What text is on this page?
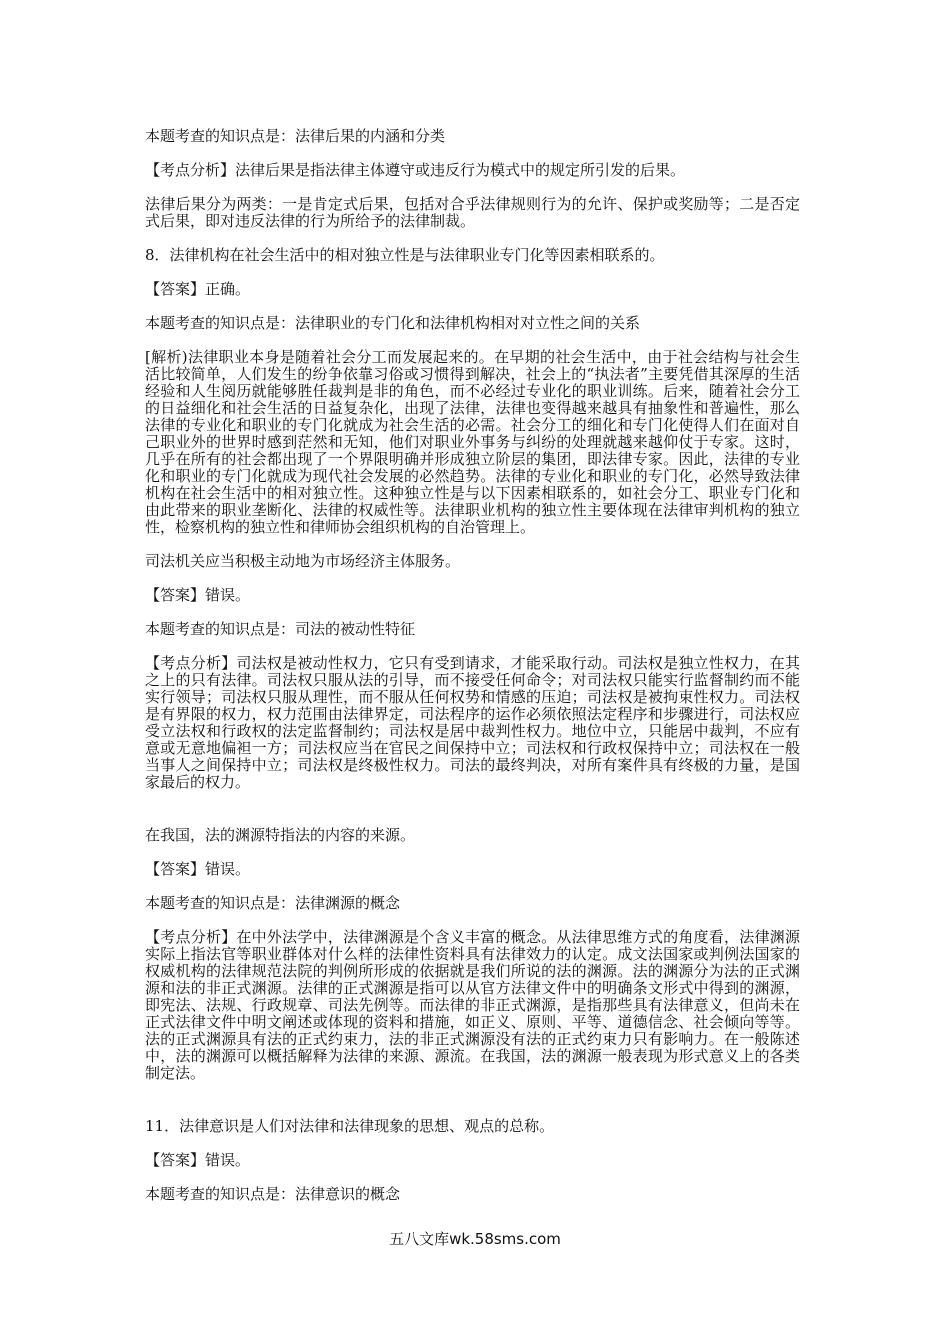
本题考查的知识点是：法律后果的内涵和分类

【考点分析】法律后果是指法律主体遵守或违反行为模式中的规定所引发的后果。

法律后果分为两类：一是肯定式后果，包括对合乎法律规则行为的允许、保护或奖励等；二是否定式后果，即对违反法律的行为所给予的法律制裁。

8．法律机构在社会生活中的相对独立性是与法律职业专门化等因素相联系的。

【答案】正确。

本题考查的知识点是：法律职业的专门化和法律机构相对对立性之间的关系

[解析)法律职业本身是随着社会分工而发展起来的。在早期的社会生活中，由于社会结构与社会生活比较简单，人们发生的纷争依靠习俗或习惯得到解决，社会上的“执法者”主要凭借其深厚的生活经验和人生阅历就能够胜任裁判是非的角色，而不必经过专业化的职业训练。后来，随着社会分工的日益细化和社会生活的日益复杂化，出现了法律，法律也变得越来越具有抽象性和普遍性，那么法律的专业化和职业的专门化就成为社会生活的必需。社会分工的细化和专门化使得人们在面对自己职业外的世界时感到茫然和无知，他们对职业外事务与纠纷的处理就越来越仰仗于专家。这时，几乎在所有的社会都出现了一个界限明确并形成独立阶层的集团，即法律专家。因此，法律的专业化和职业的专门化就成为现代社会发展的必然趋势。法律的专业化和职业的专门化，必然导致法律机构在社会生活中的相对独立性。这种独立性是与以下因素相联系的，如社会分工、职业专门化和由此带来的职业垄断化、法律的权威性等。法律职业机构的独立性主要体现在法律审判机构的独立性，检察机构的独立性和律师协会组织机构的自治管理上。

司法机关应当积极主动地为市场经济主体服务。

【答案】错误。

本题考查的知识点是：司法的被动性特征

【考点分析】司法权是被动性权力，它只有受到请求，才能采取行动。司法权是独立性权力，在其之上的只有法律。司法权只服从法的引导，而不接受任何命令；对司法权只能实行监督制约而不能实行领导；司法权只服从理性，而不服从任何权势和情感的压迫；司法权是被拘束性权力。司法权是有界限的权力，权力范围由法律界定，司法程序的运作必须依照法定程序和步骤进行，司法权应受立法权和行政权的法定监督制约；司法权是居中裁判性权力。地位中立，只能居中裁判，不应有意或无意地偏袒一方；司法权应当在官民之间保持中立；司法权和行政权保持中立；司法权在一般当事人之间保持中立；司法权是终极性权力。司法的最终判决，对所有案件具有终极的力量，是国家最后的权力。

在我国，法的渊源特指法的内容的来源。

【答案】错误。

本题考查的知识点是：法律渊源的概念

【考点分析】在中外法学中，法律渊源是个含义丰富的概念。从法律思维方式的角度看，法律渊源实际上指法官等职业群体对什么样的法律性资料具有法律效力的认定。成文法国家或判例法国家的权威机构的法律规范法院的判例所形成的依据就是我们所说的法的渊源。法的渊源分为法的正式渊源和法的非正式渊源。法律的正式渊源是指可以从官方法律文件中的明确条文形式中得到的渊源，即宪法、法规、行政规章、司法先例等。而法律的非正式渊源，是指那些具有法律意义，但尚未在正式法律文件中明文阐述或体现的资料和措施，如正义、原则、平等、道德信念、社会倾向等等。法的正式渊源具有法的正式约束力，法的非正式渊源没有法的正式约束力只有影响力。在一般陈述中，法的渊源可以概括解释为法律的来源、源流。在我国，法的渊源一般表现为形式意义上的各类制定法。

11．法律意识是人们对法律和法律现象的思想、观点的总称。

【答案】错误。

本题考查的知识点是：法律意识的概念

五八文库wk.58sms.com
